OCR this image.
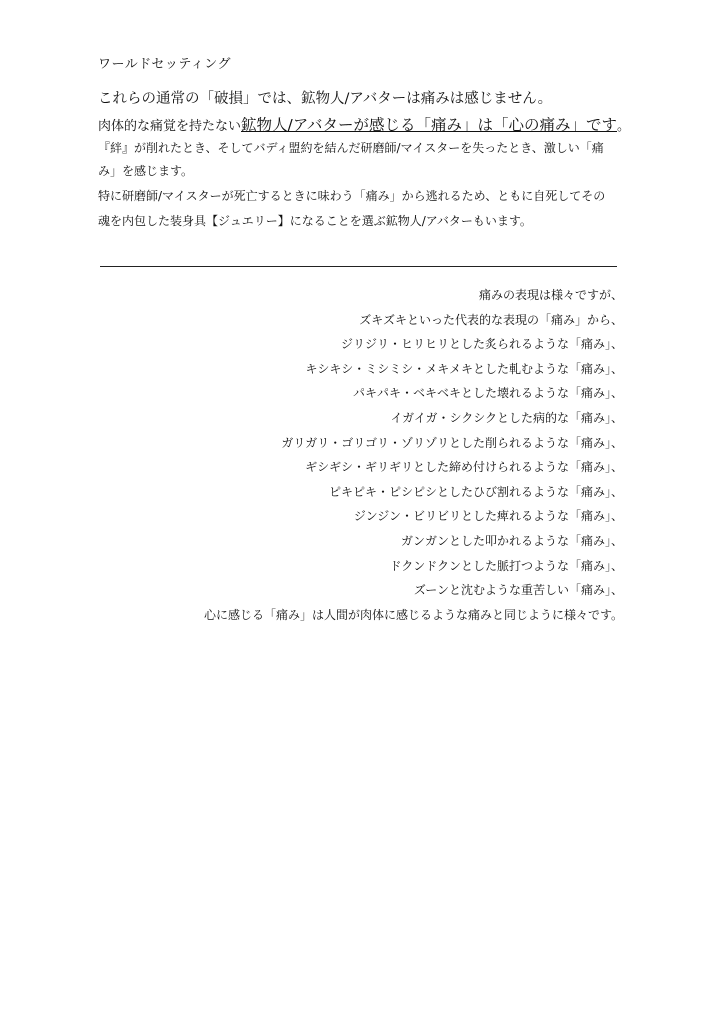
ワールドセッティング
これらの通常の「破損」では、鉱物人/アバターは痛みは感じません。
肉体的な痛覚を持たない鉱物人/アバターが感じる「痛み」は「心の痛み」です。
『絆』が削れたとき、そしてバディ盟約を結んだ研磨師/マイスターを失ったとき、激しい「痛
み」を感じます。
特に研磨師/マイスターが死亡するときに味わう「痛み」から逃れるため、ともに自死してその
魂を内包した装身具【ジュエリー】になることを選ぶ鉱物人/アバターもいます。
痛みの表現は様々ですが、
ズキズキといった代表的な表現の「痛み」から、
ジリジリ・ヒリヒリとした炙られるような「痛み」、
キシキシ・ミシミシ・メキメキとした軋むような「痛み」、
パキパキ・ベキベキとした壊れるような「痛み」、
イガイガ・シクシクとした病的な「痛み」、
ガリガリ・ゴリゴリ・ゾリゾリとした削られるような「痛み」、
ギシギシ・ギリギリとした締め付けられるような「痛み」、
ピキピキ・ピシピシとしたひび割れるような「痛み」、
ジンジン・ビリビリとした痺れるような「痛み」、
ガンガンとした叩かれるような「痛み」、
ドクンドクンとした脈打つような「痛み」、
ズーンと沈むような重苦しい「痛み」、
心に感じる「痛み」は人間が肉体に感じるような痛みと同じように様々です。
